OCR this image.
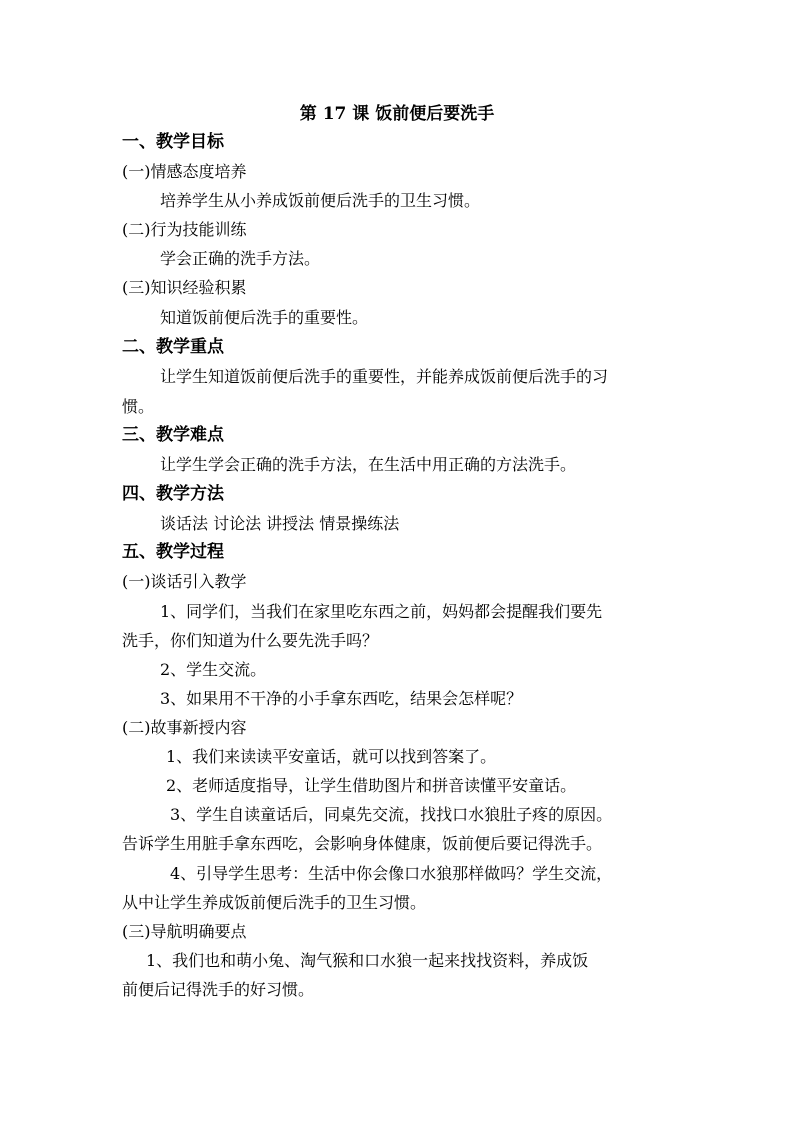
第 17 课 饭前便后要洗手
一、教学目标
(一)情感态度培养
培养学生从小养成饭前便后洗手的卫生习惯。
(二)行为技能训练
学会正确的洗手方法。
(三)知识经验积累
知道饭前便后洗手的重要性。
二、教学重点
让学生知道饭前便后洗手的重要性，并能养成饭前便后洗手的习
惯。
三、教学难点
让学生学会正确的洗手方法，在生活中用正确的方法洗手。
四、教学方法
谈话法 讨论法 讲授法 情景操练法
五、教学过程
(一)谈话引入教学
1、同学们，当我们在家里吃东西之前，妈妈都会提醒我们要先
洗手，你们知道为什么要先洗手吗？
2、学生交流。
3、如果用不干净的小手拿东西吃，结果会怎样呢？
(二)故事新授内容
1、我们来读读平安童话，就可以找到答案了。
2、老师适度指导，让学生借助图片和拼音读懂平安童话。
3、学生自读童话后，同桌先交流，找找口水狼肚子疼的原因。
告诉学生用脏手拿东西吃，会影响身体健康，饭前便后要记得洗手。
4、引导学生思考：生活中你会像口水狼那样做吗？学生交流，
从中让学生养成饭前便后洗手的卫生习惯。
(三)导航明确要点
1、我们也和萌小兔、淘气猴和口水狼一起来找找资料，养成饭
前便后记得洗手的好习惯。
